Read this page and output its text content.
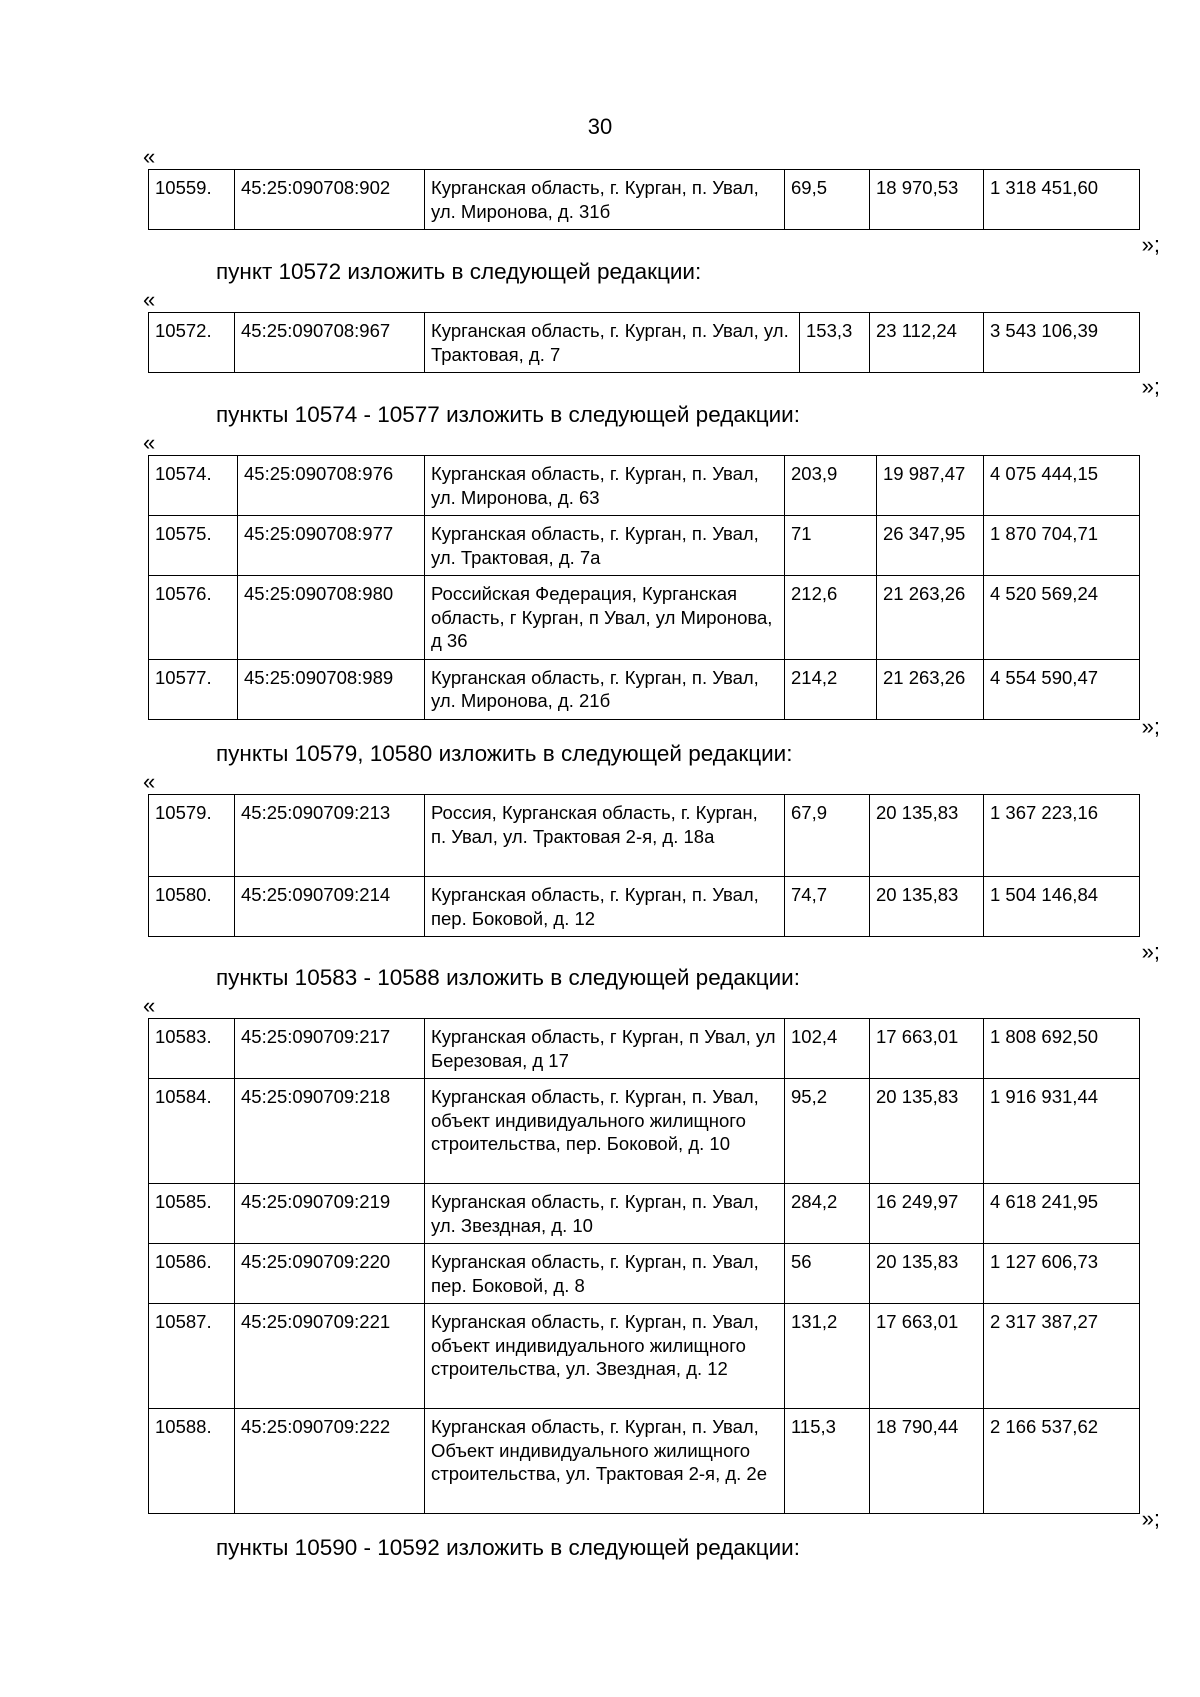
30
«
10559.	45:25:090708:902	Курганская область, г. Курган, п. Увал, ул. Миронова, д. 31б	69,5	18 970,53	1 318 451,60
»;
пункт 10572 изложить в следующей редакции:
«
10572.	45:25:090708:967	Курганская область, г. Курган, п. Увал, ул. Трактовая, д. 7	153,3	23 112,24	3 543 106,39
»;
пункты 10574 - 10577 изложить в следующей редакции:
«
10574.	45:25:090708:976	Курганская область, г. Курган, п. Увал, ул. Миронова, д. 63	203,9	19 987,47	4 075 444,15
10575.	45:25:090708:977	Курганская область, г. Курган, п. Увал, ул. Трактовая, д. 7а	71	26 347,95	1 870 704,71
10576.	45:25:090708:980	Российская Федерация, Курганская область, г Курган, п Увал, ул Миронова, д 36	212,6	21 263,26	4 520 569,24
10577.	45:25:090708:989	Курганская область, г. Курган, п. Увал, ул. Миронова, д. 21б	214,2	21 263,26	4 554 590,47
»;
пункты 10579, 10580 изложить в следующей редакции:
«
10579.	45:25:090709:213	Россия, Курганская область, г. Курган, п. Увал, ул. Трактовая 2-я, д. 18а	67,9	20 135,83	1 367 223,16
10580.	45:25:090709:214	Курганская область, г. Курган, п. Увал, пер. Боковой, д. 12	74,7	20 135,83	1 504 146,84
»;
пункты 10583 - 10588 изложить в следующей редакции:
«
10583.	45:25:090709:217	Курганская область, г Курган, п Увал, ул Березовая, д 17	102,4	17 663,01	1 808 692,50
10584.	45:25:090709:218	Курганская область, г. Курган, п. Увал, объект индивидуального жилищного строительства, пер. Боковой, д. 10	95,2	20 135,83	1 916 931,44
10585.	45:25:090709:219	Курганская область, г. Курган, п. Увал, ул. Звездная, д. 10	284,2	16 249,97	4 618 241,95
10586.	45:25:090709:220	Курганская область, г. Курган, п. Увал, пер. Боковой, д. 8	56	20 135,83	1 127 606,73
10587.	45:25:090709:221	Курганская область, г. Курган, п. Увал, объект индивидуального жилищного строительства, ул. Звездная, д. 12	131,2	17 663,01	2 317 387,27
10588.	45:25:090709:222	Курганская область, г. Курган, п. Увал, Объект индивидуального жилищного строительства, ул. Трактовая 2-я, д. 2е	115,3	18 790,44	2 166 537,62
»;
пункты 10590 - 10592 изложить в следующей редакции:
